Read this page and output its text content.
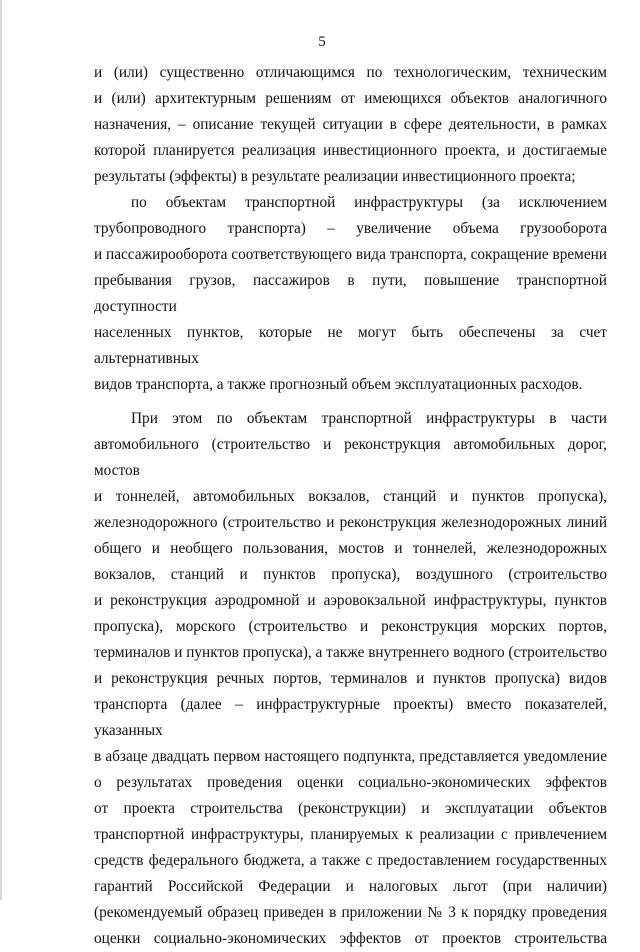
5

и (или) существенно отличающимся по технологическим, техническим

и (или) архитектурным решениям от имеющихся объектов аналогичного

назначения, – описание текущей ситуации в сфере деятельности, в рамках

которой планируется реализация инвестиционного проекта, и достигаемые

результаты (эффекты) в результате реализации инвестиционного проекта;

по объектам транспортной инфраструктуры (за исключением

трубопроводного транспорта) – увеличение объема грузооборота

и пассажирооборота соответствующего вида транспорта, сокращение времени

пребывания грузов, пассажиров в пути, повышение транспортной доступности

населенных пунктов, которые не могут быть обеспечены за счет альтернативных

видов транспорта, а также прогнозный объем эксплуатационных расходов.

При этом по объектам транспортной инфраструктуры в части

автомобильного (строительство и реконструкция автомобильных дорог, мостов

и тоннелей, автомобильных вокзалов, станций и пунктов пропуска),

железнодорожного (строительство и реконструкция железнодорожных линий

общего и необщего пользования, мостов и тоннелей, железнодорожных

вокзалов, станций и пунктов пропуска), воздушного (строительство

и реконструкция аэродромной и аэровокзальной инфраструктуры, пунктов

пропуска), морского (строительство и реконструкция морских портов,

терминалов и пунктов пропуска), а также внутреннего водного (строительство

и реконструкция речных портов, терминалов и пунктов пропуска) видов

транспорта (далее – инфраструктурные проекты) вместо показателей, указанных

в абзаце двадцать первом настоящего подпункта, представляется уведомление

о результатах проведения оценки социально-экономических эффектов

от проекта строительства (реконструкции) и эксплуатации объектов

транспортной инфраструктуры, планируемых к реализации с привлечением

средств федерального бюджета, а также с предоставлением государственных

гарантий Российской Федерации и налоговых льгот (при наличии)

(рекомендуемый образец приведен в приложении № 3 к порядку проведения

оценки социально-экономических эффектов от проектов строительства
